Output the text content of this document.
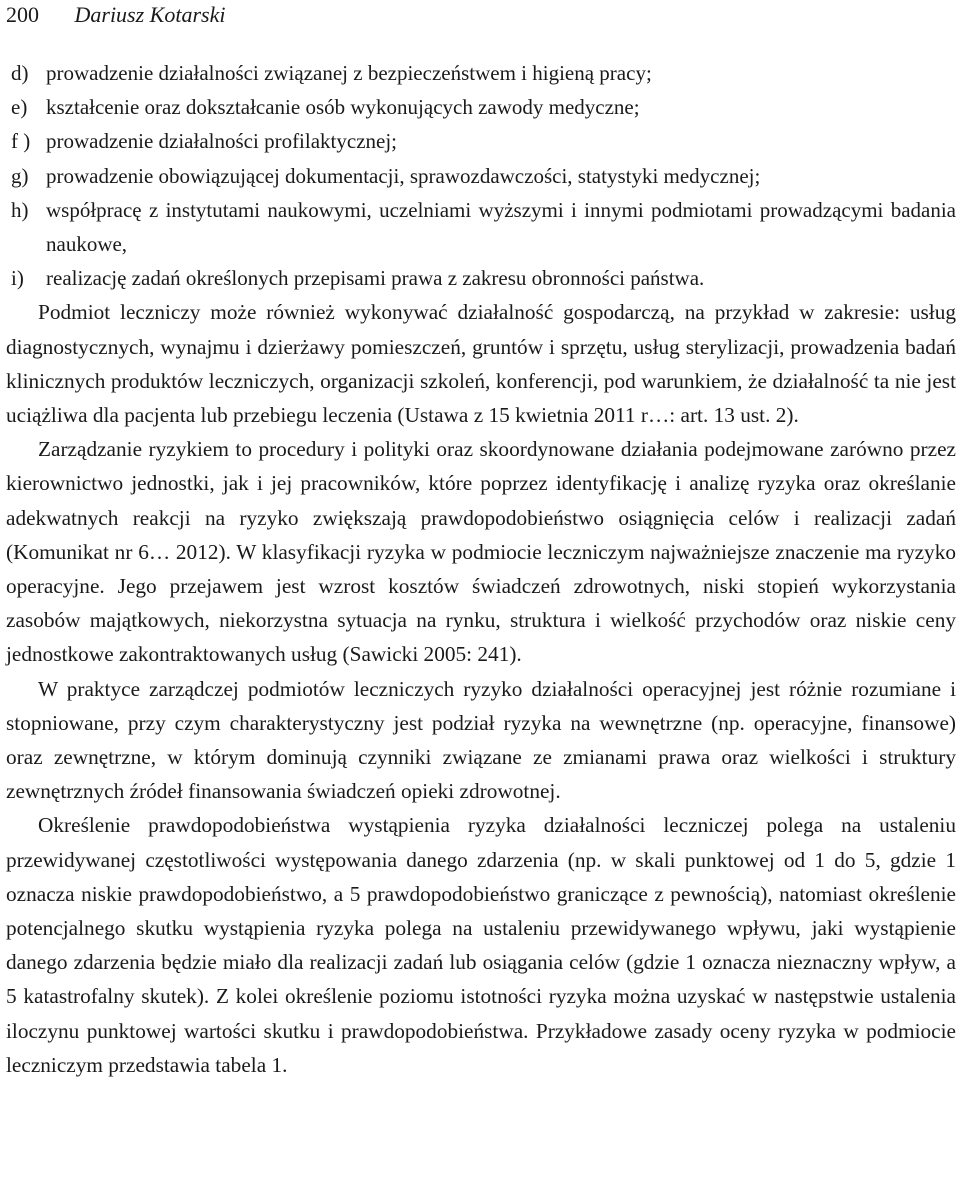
200 Dariusz Kotarski
d) prowadzenie działalności związanej z bezpieczeństwem i higieną pracy;
e) kształcenie oraz dokształcanie osób wykonujących zawody medyczne;
f ) prowadzenie działalności profilaktycznej;
g) prowadzenie obowiązującej dokumentacji, sprawozdawczości, statystyki medycznej;
h) współpracę z instytutami naukowymi, uczelniami wyższymi i innymi podmiotami prowadzącymi badania naukowe,
i) realizację zadań określonych przepisami prawa z zakresu obronności państwa.

Podmiot leczniczy może również wykonywać działalność gospodarczą, na przykład w zakresie: usług diagnostycznych, wynajmu i dzierżawy pomieszczeń, gruntów i sprzętu, usług sterylizacji, prowadzenia badań klinicznych produktów leczniczych, organizacji szkoleń, konferencji, pod warunkiem, że działalność ta nie jest uciążliwa dla pacjenta lub przebiegu leczenia (Ustawa z 15 kwietnia 2011 r…: art. 13 ust. 2).

Zarządzanie ryzykiem to procedury i polityki oraz skoordynowane działania podejmowane zarówno przez kierownictwo jednostki, jak i jej pracowników, które poprzez identyfikację i analizę ryzyka oraz określanie adekwatnych reakcji na ryzyko zwiększają prawdopodobieństwo osiągnięcia celów i realizacji zadań (Komunikat nr 6… 2012). W klasyfikacji ryzyka w podmiocie leczniczym najważniejsze znaczenie ma ryzyko operacyjne. Jego przejawem jest wzrost kosztów świadczeń zdrowotnych, niski stopień wykorzystania zasobów majątkowych, niekorzystna sytuacja na rynku, struktura i wielkość przychodów oraz niskie ceny jednostkowe zakontraktowanych usług (Sawicki 2005: 241).

W praktyce zarządczej podmiotów leczniczych ryzyko działalności operacyjnej jest różnie rozumiane i stopniowane, przy czym charakterystyczny jest podział ryzyka na wewnętrzne (np. operacyjne, finansowe) oraz zewnętrzne, w którym dominują czynniki związane ze zmianami prawa oraz wielkości i struktury zewnętrznych źródeł finansowania świadczeń opieki zdrowotnej.

Określenie prawdopodobieństwa wystąpienia ryzyka działalności leczniczej polega na ustaleniu przewidywanej częstotliwości występowania danego zdarzenia (np. w skali punktowej od 1 do 5, gdzie 1 oznacza niskie prawdopodobieństwo, a 5 prawdopodobieństwo graniczące z pewnością), natomiast określenie potencjalnego skutku wystąpienia ryzyka polega na ustaleniu przewidywanego wpływu, jaki wystąpienie danego zdarzenia będzie miało dla realizacji zadań lub osiągania celów (gdzie 1 oznacza nieznaczny wpływ, a 5 katastrofalny skutek). Z kolei określenie poziomu istotności ryzyka można uzyskać w następstwie ustalenia iloczynu punktowej wartości skutku i prawdopodobieństwa. Przykładowe zasady oceny ryzyka w podmiocie leczniczym przedstawia tabela 1.
